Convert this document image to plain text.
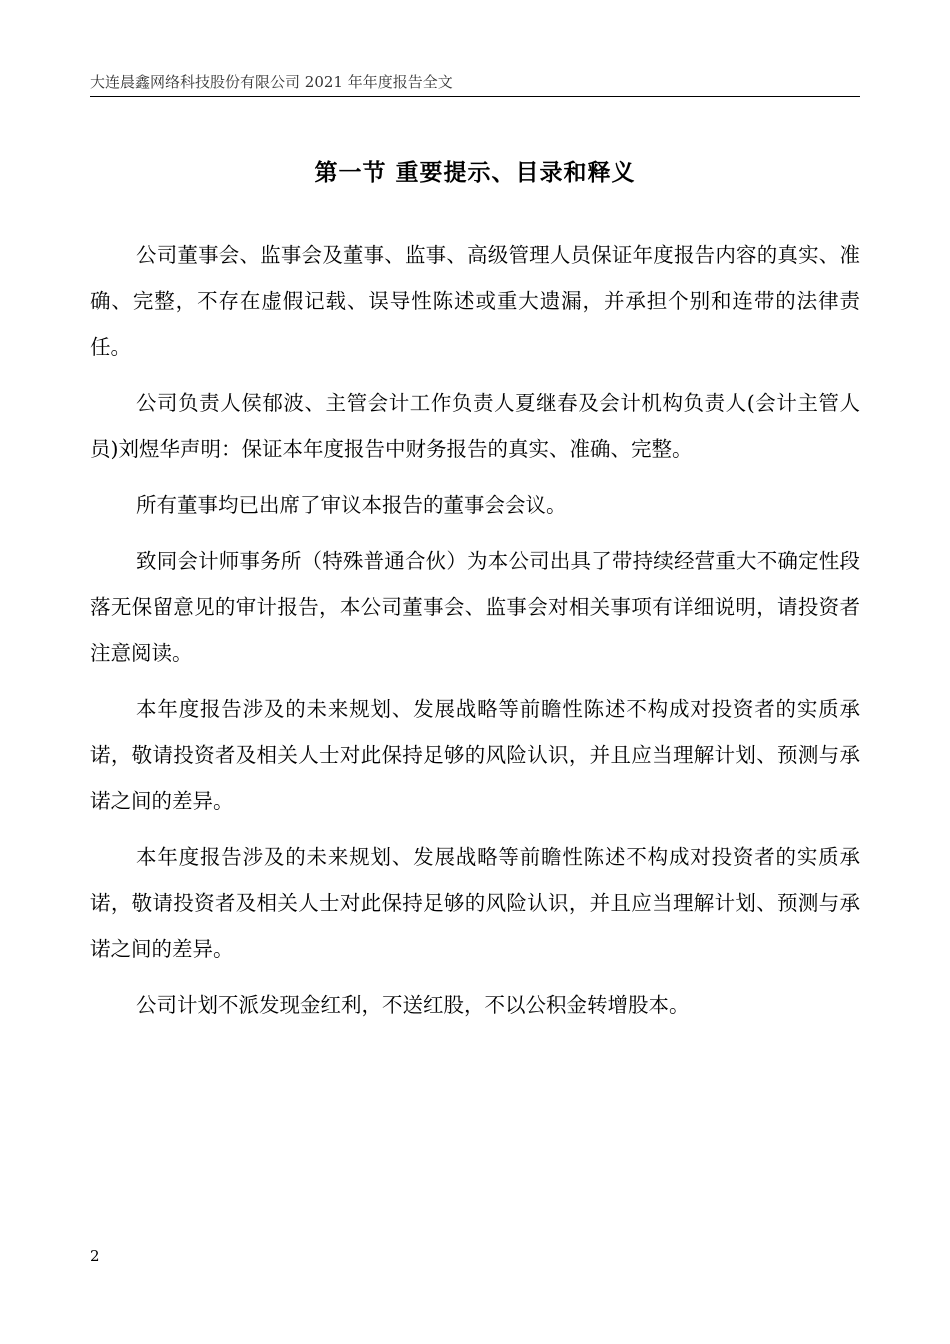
大连晨鑫网络科技股份有限公司 2021 年年度报告全文
第一节 重要提示、目录和释义

公司董事会、监事会及董事、监事、高级管理人员保证年度报告内容的真实、准确、完整，不存在虚假记载、误导性陈述或重大遗漏，并承担个别和连带的法律责任。

公司负责人侯郁波、主管会计工作负责人夏继春及会计机构负责人(会计主管人员)刘煜华声明：保证本年度报告中财务报告的真实、准确、完整。

所有董事均已出席了审议本报告的董事会会议。

致同会计师事务所（特殊普通合伙）为本公司出具了带持续经营重大不确定性段落无保留意见的审计报告，本公司董事会、监事会对相关事项有详细说明，请投资者注意阅读。

本年度报告涉及的未来规划、发展战略等前瞻性陈述不构成对投资者的实质承诺，敬请投资者及相关人士对此保持足够的风险认识，并且应当理解计划、预测与承诺之间的差异。

本年度报告涉及的未来规划、发展战略等前瞻性陈述不构成对投资者的实质承诺，敬请投资者及相关人士对此保持足够的风险认识，并且应当理解计划、预测与承诺之间的差异。

公司计划不派发现金红利，不送红股，不以公积金转增股本。

2
